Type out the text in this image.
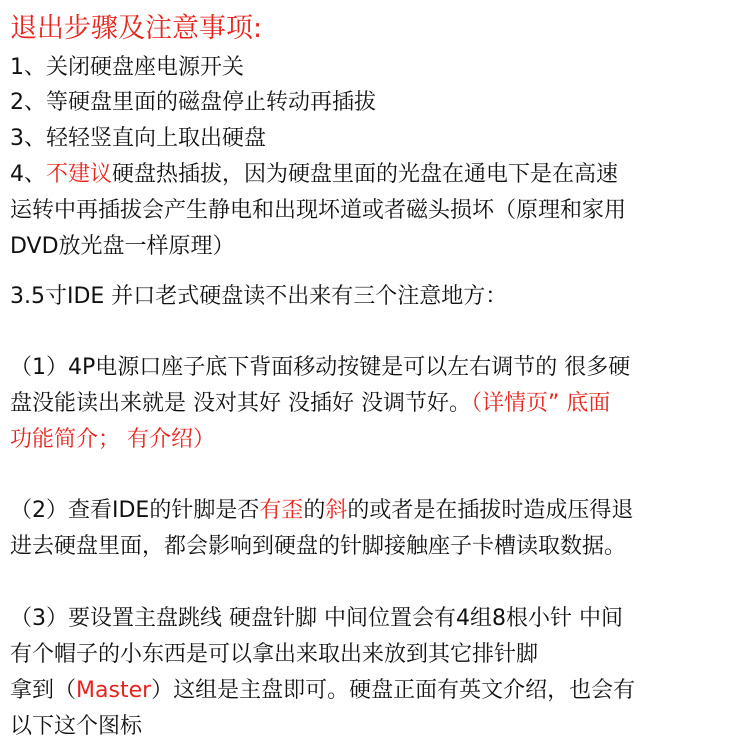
退出步骤及注意事项:
1、关闭硬盘座电源开关
2、等硬盘里面的磁盘停止转动再插拔
3、轻轻竖直向上取出硬盘
4、不建议硬盘热插拔，因为硬盘里面的光盘在通电下是在高速
运转中再插拔会产生静电和出现坏道或者磁头损坏（原理和家用
DVD放光盘一样原理）
3.5寸IDE 并口老式硬盘读不出来有三个注意地方：
（1）4P电源口座子底下背面移动按键是可以左右调节的 很多硬
盘没能读出来就是 没对其好 没插好 没调节好。（详情页” 底面
功能简介； 有介绍）
（2）查看IDE的针脚是否有歪的斜的或者是在插拔时造成压得退
进去硬盘里面，都会影响到硬盘的针脚接触座子卡槽读取数据。
（3）要设置主盘跳线 硬盘针脚 中间位置会有4组8根小针 中间
有个帽子的小东西是可以拿出来取出来放到其它排针脚
拿到（Master）这组是主盘即可。硬盘正面有英文介绍，也会有
以下这个图标
